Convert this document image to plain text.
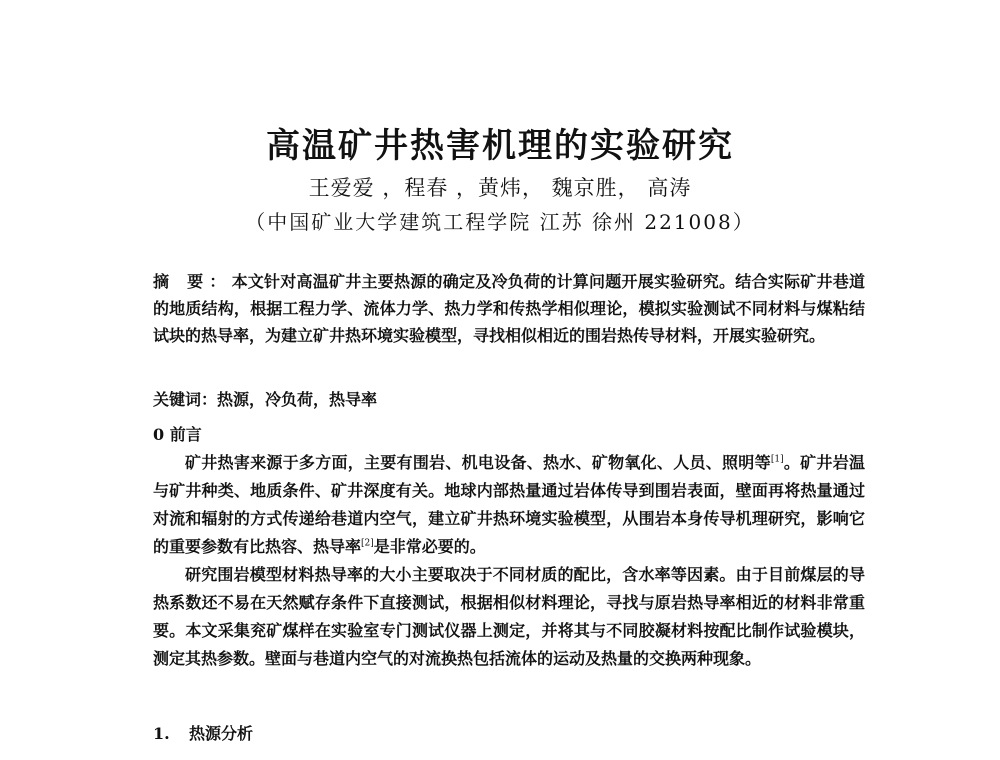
高温矿井热害机理的实验研究
王爱爱 ，程春 ，黄炜， 魏京胜， 高涛
（中国矿业大学建筑工程学院 江苏 徐州 221008）
摘 要：本文针对高温矿井主要热源的确定及冷负荷的计算问题开展实验研究。结合实际矿井巷道的地质结构，根据工程力学、流体力学、热力学和传热学相似理论，模拟实验测试不同材料与煤粘结试块的热导率，为建立矿井热环境实验模型，寻找相似相近的围岩热传导材料，开展实验研究。
关键词：热源，冷负荷，热导率
0 前言

矿井热害来源于多方面，主要有围岩、机电设备、热水、矿物氧化、人员、照明等[1]。矿井岩温与矿井种类、地质条件、矿井深度有关。地球内部热量通过岩体传导到围岩表面，壁面再将热量通过对流和辐射的方式传递给巷道内空气，建立矿井热环境实验模型，从围岩本身传导机理研究，影响它的重要参数有比热容、热导率[2]是非常必要的。

研究围岩模型材料热导率的大小主要取决于不同材质的配比，含水率等因素。由于目前煤层的导热系数还不易在天然赋存条件下直接测试，根据相似材料理论，寻找与原岩热导率相近的材料非常重要。本文采集兖矿煤样在实验室专门测试仪器上测定，并将其与不同胶凝材料按配比制作试验模块，测定其热参数。壁面与巷道内空气的对流换热包括流体的运动及热量的交换两种现象。

1. 热源分析
